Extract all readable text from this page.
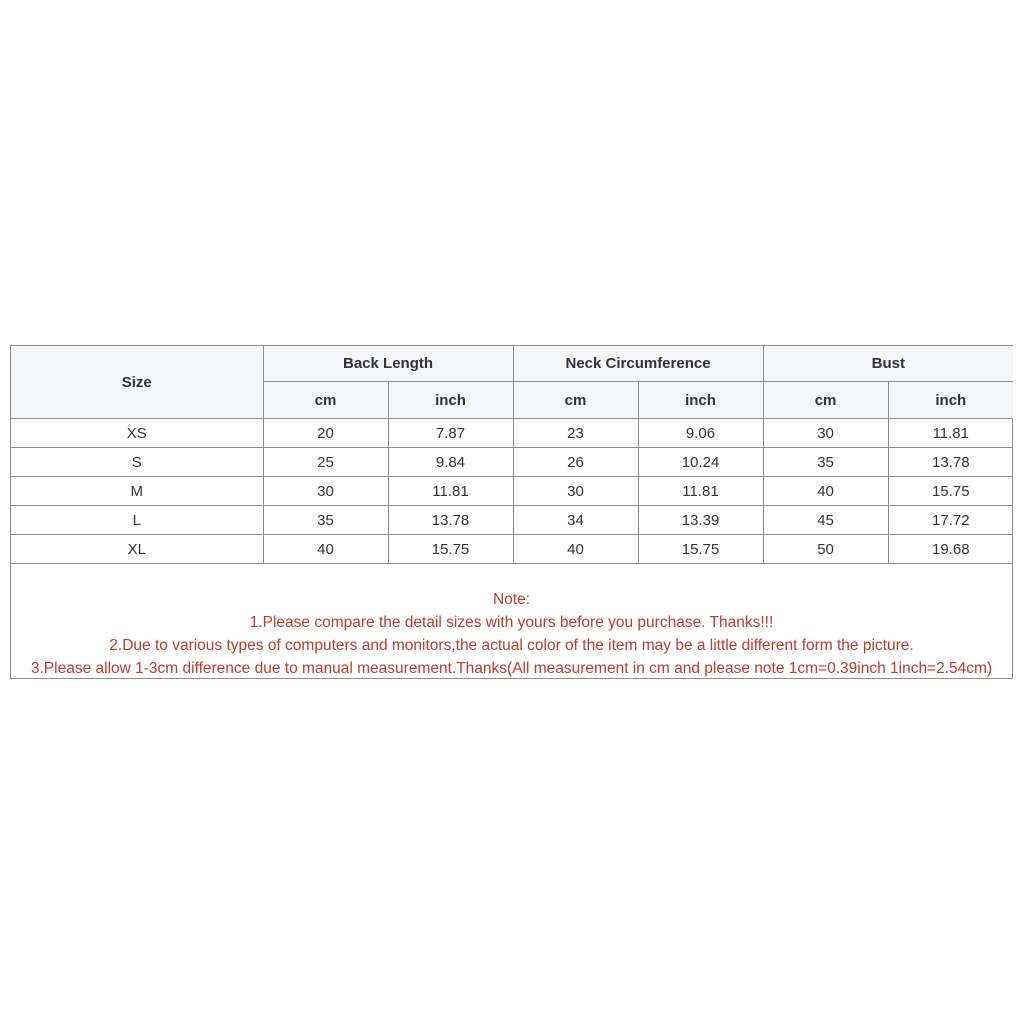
Size	Back Length		Neck Circumference		Bust	
	cm	inch	cm	inch	cm	inch
XS	20	7.87	23	9.06	30	11.81
S	25	9.84	26	10.24	35	13.78
M	30	11.81	30	11.81	40	15.75
L	35	13.78	34	13.39	45	17.72
XL	40	15.75	40	15.75	50	19.68
Note:
1.Please compare the detail sizes with yours before you purchase. Thanks!!!
2.Due to various types of computers and monitors,the actual color of the item may be a little different form the picture.
3.Please allow 1-3cm difference due to manual measurement.Thanks(All measurement in cm and please note 1cm=0.39inch 1inch=2.54cm)
